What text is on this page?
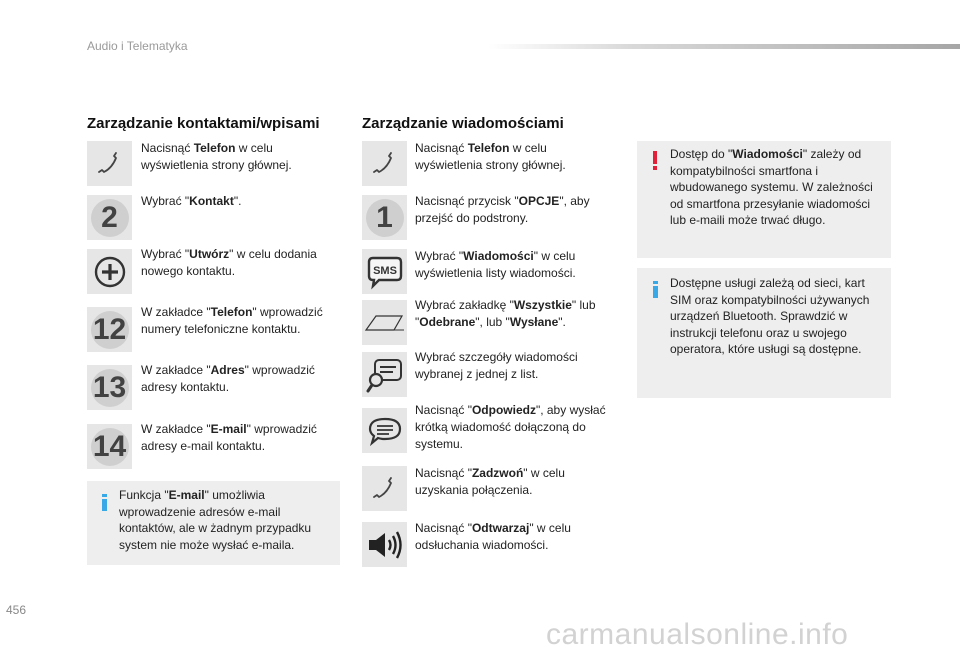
Audio i Telematyka
Zarządzanie kontaktami/wpisami
Nacisnąć Telefon w celu wyświetlenia strony głównej.
2 Wybrać "Kontakt".
Wybrać "Utwórz" w celu dodania nowego kontaktu.
12
W zakładce "Telefon" wprowadzić numery telefoniczne kontaktu.
13
W zakładce "Adres" wprowadzić adresy kontaktu.
14
W zakładce "E-mail" wprowadzić adresy e-mail kontaktu.
Funkcja "E-mail" umożliwia wprowadzenie adresów e-mail kontaktów, ale w żadnym przypadku system nie może wysłać e-maila.
Zarządzanie wiadomościami
Nacisnąć Telefon w celu wyświetlenia strony głównej.
1 Nacisnąć przycisk "OPCJE", aby przejść do podstrony.
SMS
Wybrać "Wiadomości" w celu wyświetlenia listy wiadomości.
Wybrać zakładkę "Wszystkie" lub "Odebrane", lub "Wysłane".
Wybrać szczegóły wiadomości wybranej z jednej z list.
Nacisnąć "Odpowiedz", aby wysłać krótką wiadomość dołączoną do systemu.
Nacisnąć "Zadzwoń" w celu uzyskania połączenia.
Nacisnąć "Odtwarzaj" w celu odsłuchania wiadomości.
Dostęp do "Wiadomości" zależy od kompatybilności smartfona i wbudowanego systemu. W zależności od smartfona przesyłanie wiadomości lub e-maili może trwać długo.
Dostępne usługi zależą od sieci, kart SIM oraz kompatybilności używanych urządzeń Bluetooth. Sprawdzić w instrukcji telefonu oraz u swojego operatora, które usługi są dostępne.
456
carmanualsonline.info
